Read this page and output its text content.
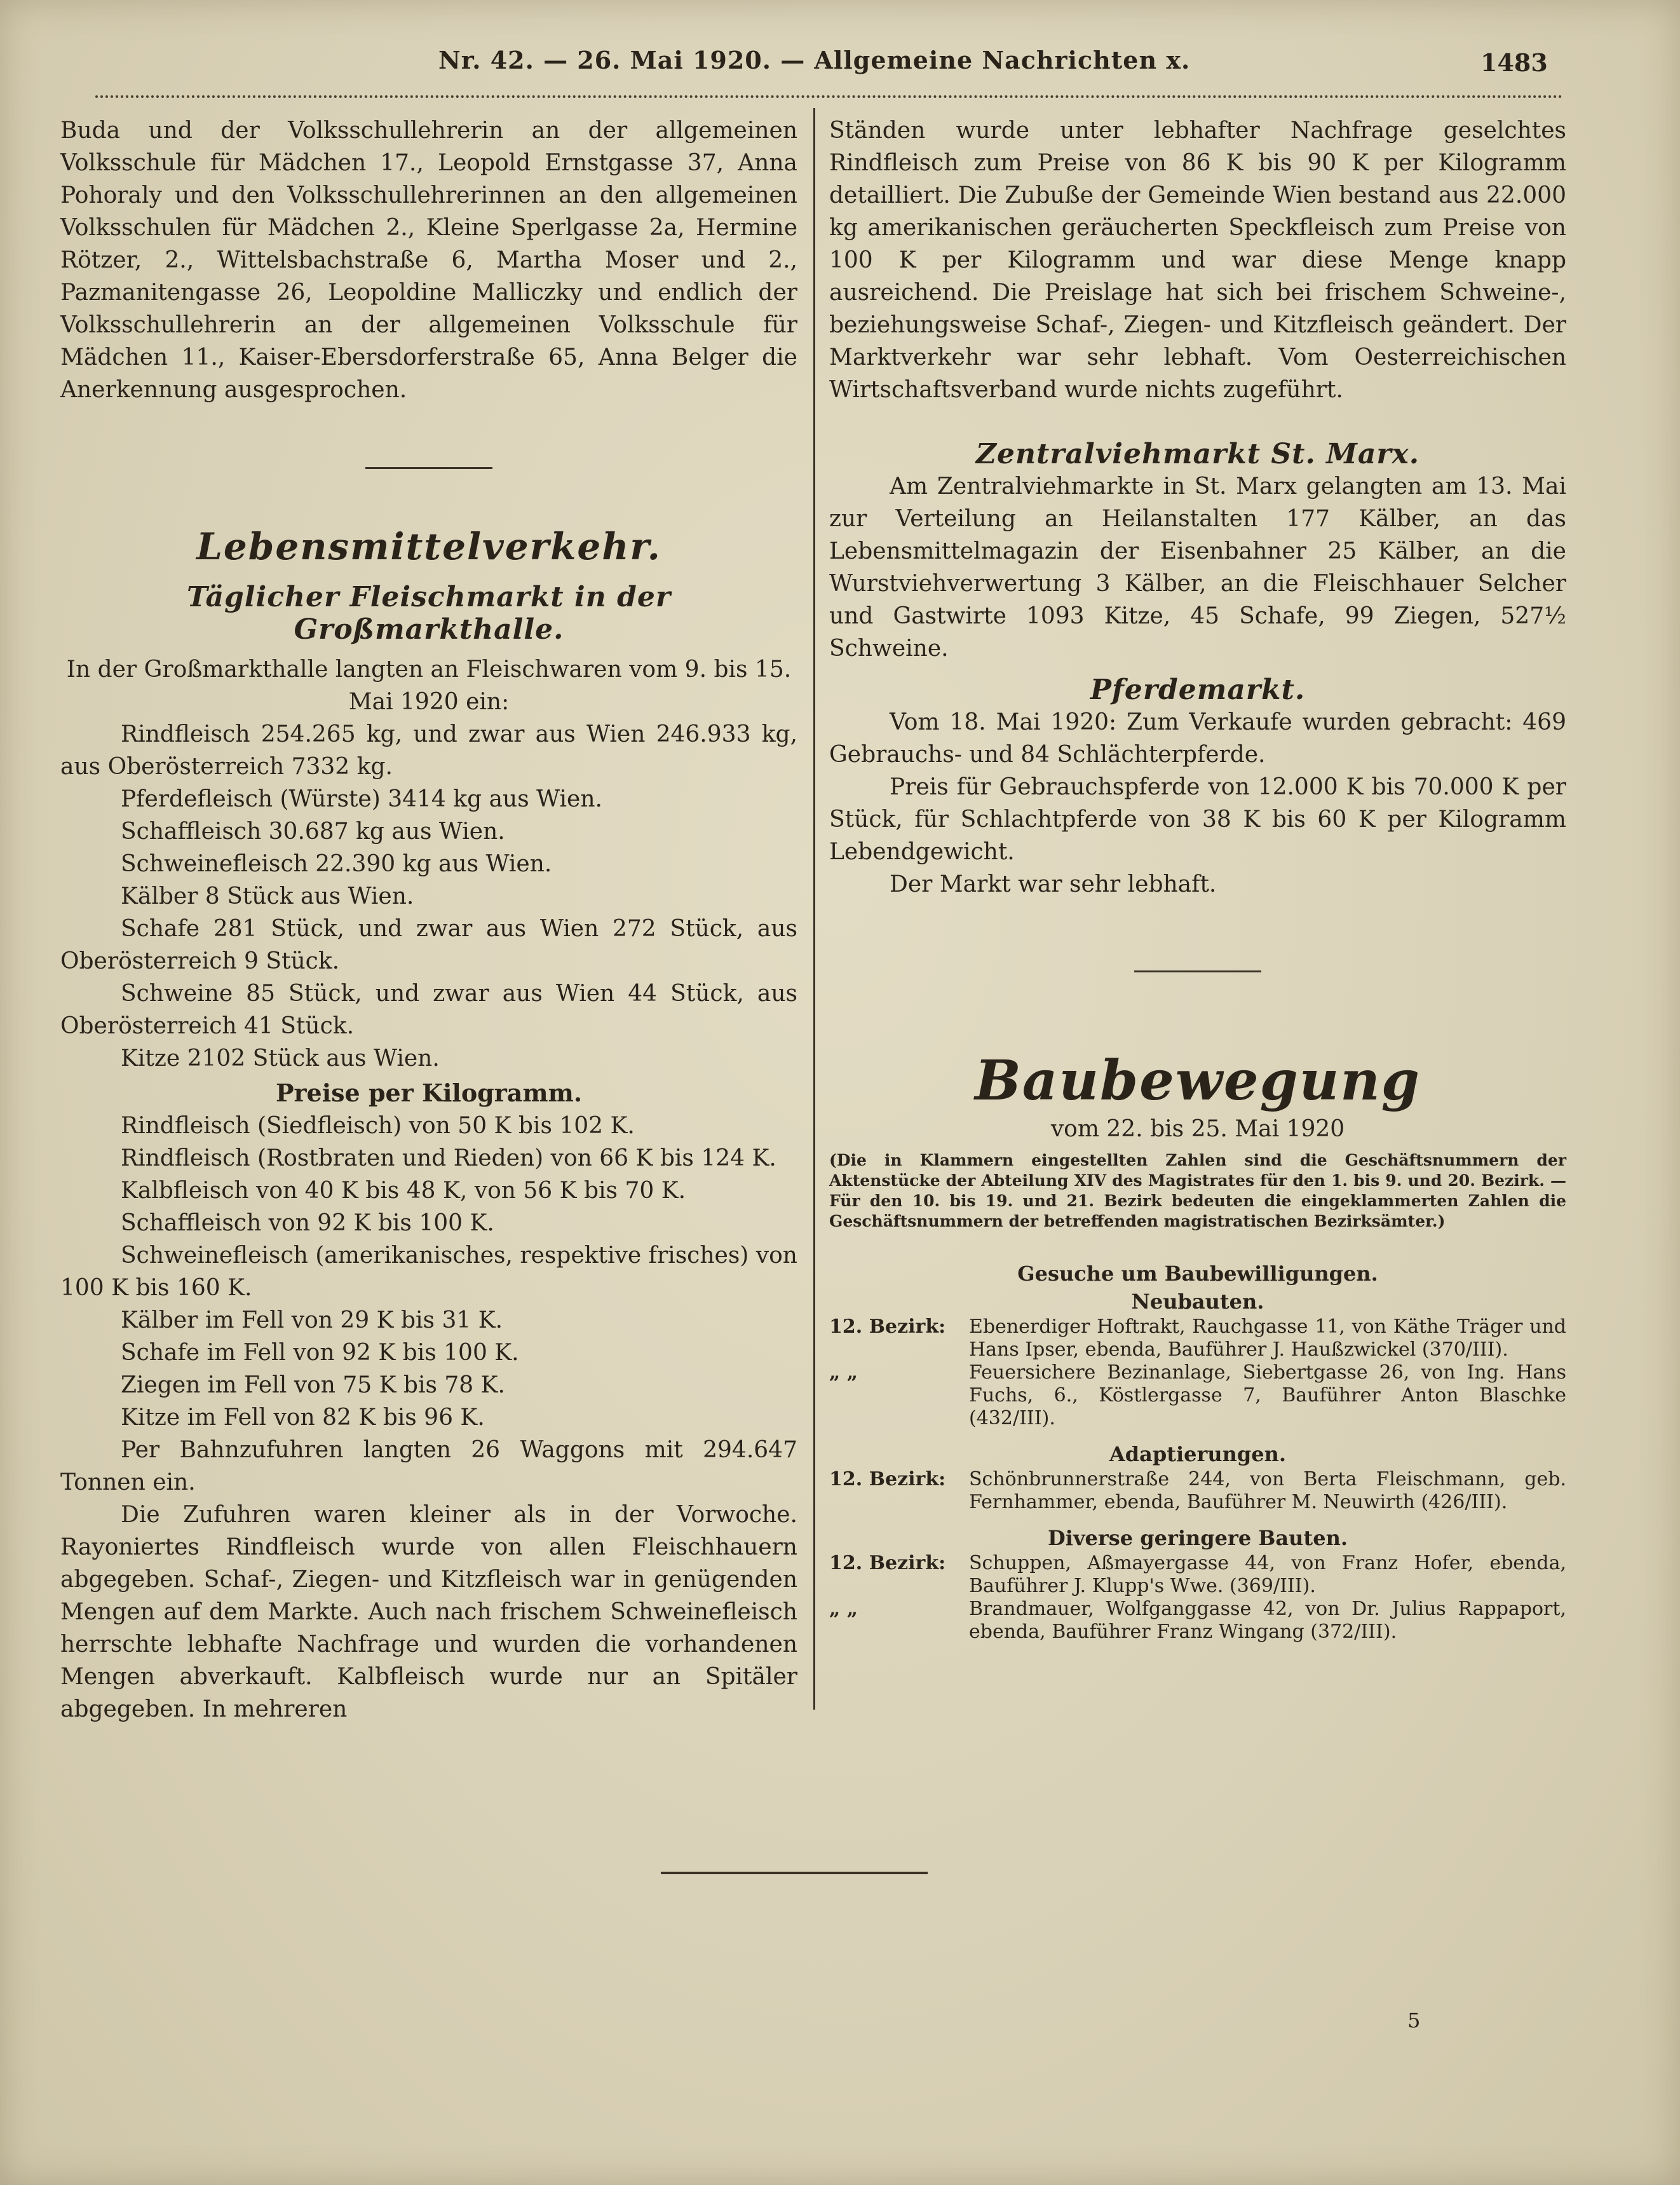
Nr. 42. — 26. Mai 1920. — Allgemeine Nachrichten x.	1483

Buda und der Volksschullehrerin an der allgemeinen Volksschule für Mädchen 17., Leopold Ernstgasse 37, Anna Pohoraly und den Volksschullehrerinnen an den allgemeinen Volksschulen für Mädchen 2., Kleine Sperlgasse 2a, Hermine Rötzer, 2., Wittelsbachstraße 6, Martha Moser und 2., Pazmanitengasse 26, Leopoldine Malliczky und endlich der Volksschullehrerin an der allgemeinen Volksschule für Mädchen 11., Kaiser-Ebersdorferstraße 65, Anna Belger die Anerkennung ausgesprochen.

Lebensmittelverkehr.
Täglicher Fleischmarkt in der Großmarkthalle.

In der Großmarkthalle langten an Fleischwaren vom 9. bis 15. Mai 1920 ein:

Rindfleisch 254.265 kg, und zwar aus Wien 246.933 kg, aus Oberösterreich 7332 kg.

Pferdefleisch (Würste) 3414 kg aus Wien.

Schaffleisch 30.687 kg aus Wien.

Schweinefleisch 22.390 kg aus Wien.

Kälber 8 Stück aus Wien.

Schafe 281 Stück, und zwar aus Wien 272 Stück, aus Oberösterreich 9 Stück.

Schweine 85 Stück, und zwar aus Wien 44 Stück, aus Oberösterreich 41 Stück.

Kitze 2102 Stück aus Wien.

Preise per Kilogramm.

Rindfleisch (Siedfleisch) von 50 K bis 102 K.

Rindfleisch (Rostbraten und Rieden) von 66 K bis 124 K.

Kalbfleisch von 40 K bis 48 K, von 56 K bis 70 K.

Schaffleisch von 92 K bis 100 K.

Schweinefleisch (amerikanisches, respektive frisches) von 100 K bis 160 K.

Kälber im Fell von 29 K bis 31 K.

Schafe im Fell von 92 K bis 100 K.

Ziegen im Fell von 75 K bis 78 K.

Kitze im Fell von 82 K bis 96 K.

Per Bahnzufuhren langten 26 Waggons mit 294.647 Tonnen ein.

Die Zufuhren waren kleiner als in der Vorwoche. Rayoniertes Rindfleisch wurde von allen Fleischhauern abgegeben. Schaf-, Ziegen- und Kitzfleisch war in genügenden Mengen auf dem Markte. Auch nach frischem Schweinefleisch herrschte lebhafte Nachfrage und wurden die vorhandenen Mengen abverkauft. Kalbfleisch wurde nur an Spitäler abgegeben. In mehreren

Ständen wurde unter lebhafter Nachfrage geselchtes Rindfleisch zum Preise von 86 K bis 90 K per Kilogramm detailliert. Die Zubuße der Gemeinde Wien bestand aus 22.000 kg amerikanischen geräucherten Speckfleisch zum Preise von 100 K per Kilogramm und war diese Menge knapp ausreichend. Die Preislage hat sich bei frischem Schweine-, beziehungsweise Schaf-, Ziegen- und Kitzfleisch geändert. Der Marktverkehr war sehr lebhaft. Vom Oesterreichischen Wirtschaftsverband wurde nichts zugeführt.

Zentralviehmarkt St. Marx.

Am Zentralviehmarkte in St. Marx gelangten am 13. Mai zur Verteilung an Heilanstalten 177 Kälber, an das Lebensmittelmagazin der Eisenbahner 25 Kälber, an die Wurstviehverwertung 3 Kälber, an die Fleischhauer Selcher und Gastwirte 1093 Kitze, 45 Schafe, 99 Ziegen, 527½ Schweine.

Pferdemarkt.

Vom 18. Mai 1920: Zum Verkaufe wurden gebracht: 469 Gebrauchs- und 84 Schlächterpferde.

Preis für Gebrauchspferde von 12.000 K bis 70.000 K per Stück, für Schlachtpferde von 38 K bis 60 K per Kilogramm Lebendgewicht.

Der Markt war sehr lebhaft.

Baubewegung

vom 22. bis 25. Mai 1920

(Die in Klammern eingestellten Zahlen sind die Geschäftsnummern der Aktenstücke der Abteilung XIV des Magistrates für den 1. bis 9. und 20. Bezirk. — Für den 10. bis 19. und 21. Bezirk bedeuten die eingeklammerten Zahlen die Geschäftsnummern der betreffenden magistratischen Bezirksämter.)
Gesuche um Baubewilligungen.
Neubauten.
12. Bezirk:	Ebenerdiger Hoftrakt, Rauchgasse 11, von Käthe Träger und Hans Ipser, ebenda, Bauführer J. Haußzwickel (370/III).
„ „	Feuersichere Bezinanlage, Siebertgasse 26, von Ing. Hans Fuchs, 6., Köstlergasse 7, Bauführer Anton Blaschke (432/III).
Adaptierungen.
12. Bezirk:	Schönbrunnerstraße 244, von Berta Fleischmann, geb. Fernhammer, ebenda, Bauführer M. Neuwirth (426/III).
Diverse geringere Bauten.
12. Bezirk:	Schuppen, Aßmayergasse 44, von Franz Hofer, ebenda, Bauführer J. Klupp's Wwe. (369/III).
„ „	Brandmauer, Wolfganggasse 42, von Dr. Julius Rappaport, ebenda, Bauführer Franz Wingang (372/III).
5
